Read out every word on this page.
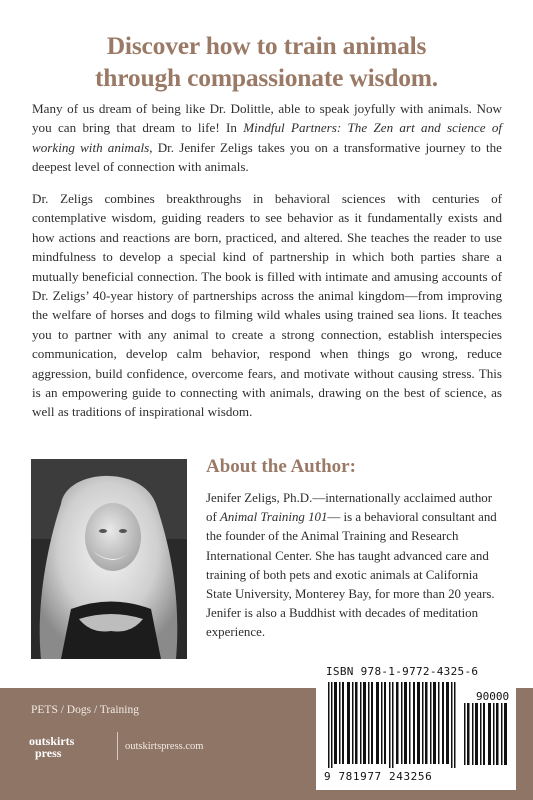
Discover how to train animals
through compassionate wisdom.

Many of us dream of being like Dr. Dolittle, able to speak joyfully with animals. Now you can bring that dream to life! In Mindful Partners: The Zen art and science of working with animals, Dr. Jenifer Zeligs takes you on a transformative journey to the deepest level of connection with animals.

Dr. Zeligs combines breakthroughs in behavioral sciences with centuries of contemplative wisdom, guiding readers to see behavior as it fundamentally exists and how actions and reactions are born, practiced, and altered. She teaches the reader to use mindfulness to develop a special kind of partnership in which both parties share a mutually beneficial connection. The book is filled with intimate and amusing accounts of Dr. Zeligs’ 40-year history of partnerships across the animal kingdom—from improving the welfare of horses and dogs to filming wild whales using trained sea lions. It teaches you to partner with any animal to create a strong connection, establish interspecies communication, develop calm behavior, respond when things go wrong, reduce aggression, build confidence, overcome fears, and motivate without causing stress. This is an empowering guide to connecting with animals, drawing on the best of science, as well as traditions of inspirational wisdom.

About the Author:

Jenifer Zeligs, Ph.D.—internationally acclaimed author of Animal Training 101— is a behavioral consultant and the founder of the Animal Training and Research International Center. She has taught advanced care and training of both pets and exotic animals at California State University, Monterey Bay, for more than 20 years. Jenifer is also a Buddhist with decades of meditation experience.

PETS / Dogs / Training
outskirts
press	outskirtspress.com
ISBN 978-1-9772-4325-6
90000
9 781977 243256
